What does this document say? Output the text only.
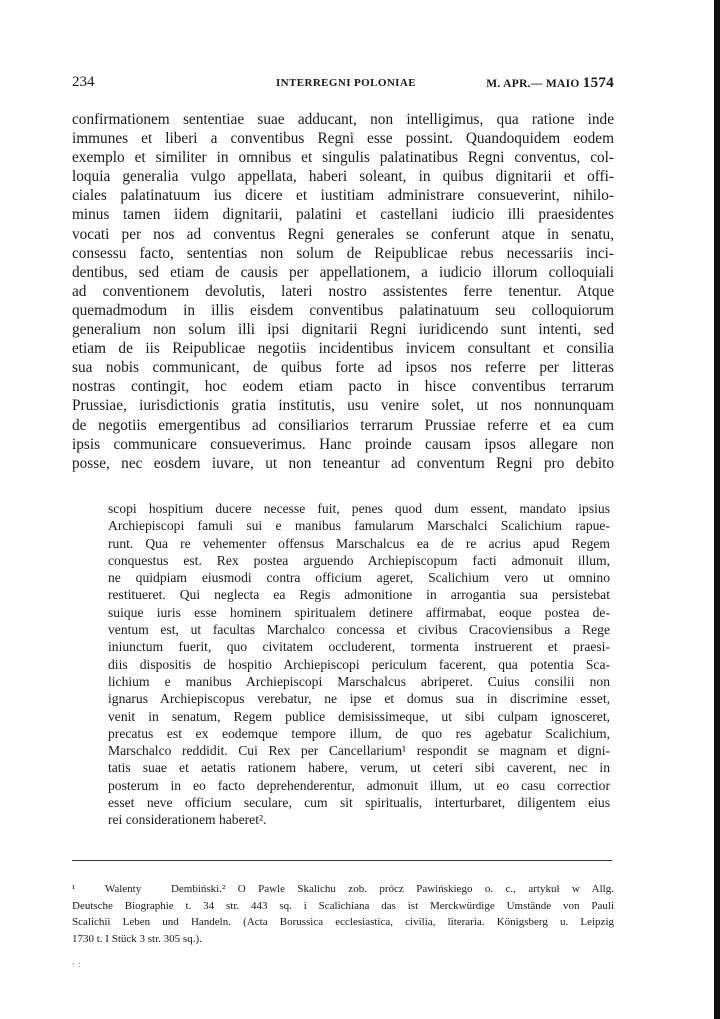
234	INTERREGNI POLONIAE	M. APR.— MAIO 1574
confirmationem sententiae suae adducant, non intelligimus, qua ratione inde
immunes et liberi a conventibus Regni esse possint. Quandoquidem eodem
exemplo et similiter in omnibus et singulis palatinatibus Regni conventus, col-
loquia generalia vulgo appellata, haberi soleant, in quibus dignitarii et offi-
ciales palatinatuum ius dicere et iustitiam administrare consueverint, nihilo-
minus tamen iidem dignitarii, palatini et castellani iudicio illi praesidentes
vocati per nos ad conventus Regni generales se conferunt atque in senatu,
consessu facto, sententias non solum de Reipublicae rebus necessariis inci-
dentibus, sed etiam de causis per appellationem, a iudicio illorum colloquiali
ad conventionem devolutis, lateri nostro assistentes ferre tenentur. Atque
quemadmodum in illis eisdem conventibus palatinatuum seu colloquiorum
generalium non solum illi ipsi dignitarii Regni iuridicendo sunt intenti, sed
etiam de iis Reipublicae negotiis incidentibus invicem consultant et consilia
sua nobis communicant, de quibus forte ad ipsos nos referre per litteras
nostras contingit, hoc eodem etiam pacto in hisce conventibus terrarum
Prussiae, iurisdictionis gratia institutis, usu venire solet, ut nos nonnunquam
de negotiis emergentibus ad consiliarios terrarum Prussiae referre et ea cum
ipsis communicare consueverimus. Hanc proinde causam ipsos allegare non
posse, nec eosdem iuvare, ut non teneantur ad conventum Regni pro debito
scopi hospitium ducere necesse fuit, penes quod dum essent, mandato ipsius
Archiepiscopi famuli sui e manibus famularum Marschalci Scalichium rapue-
runt. Qua re vehementer offensus Marschalcus ea de re acrius apud Regem
conquestus est. Rex postea arguendo Archiepiscopum facti admonuit illum,
ne quidpiam eiusmodi contra officium ageret, Scalichium vero ut omnino
restitueret. Qui neglecta ea Regis admonitione in arrogantia sua persistebat
suique iuris esse hominem spiritualem detinere affirmabat, eoque postea de-
ventum est, ut facultas Marchalco concessa et civibus Cracoviensibus a Rege
iniunctum fuerit, quo civitatem occluderent, tormenta instruerent et praesi-
diis dispositis de hospitio Archiepiscopi periculum facerent, qua potentia Sca-
lichium e manibus Archiepiscopi Marschalcus abriperet. Cuius consilii non
ignarus Archiepiscopus verebatur, ne ipse et domus sua in discrimine esset,
venit in senatum, Regem publice demisissimeque, ut sibi culpam ignosceret,
precatus est ex eodemque tempore illum, de quo res agebatur Scalichium,
Marschalco reddidit. Cui Rex per Cancellarium¹ respondit se magnam et digni-
tatis suae et aetatis rationem habere, verum, ut ceteri sibi caverent, nec in
posterum in eo facto deprehenderentur, admonuit illum, ut eo casu correctior
esset neve officium seculare, cum sit spiritualis, interturbaret, diligentem eius
rei considerationem haberet².
¹ Walenty Dembiński.² O Pawle Skalichu zob. prócz Pawińskiego o. c., artykuł w Allg.
Deutsche Biographie t. 34 str. 443 sq. i Scalichiana das ist Merckwürdige Umstände von Pauli
Scalichii Leben und Handeln. (Acta Borussica ecclesiastica, civilia, literaria. Königsberg u. Leipzig
1730 t. I Stück 3 str. 305 sq.).
· :
